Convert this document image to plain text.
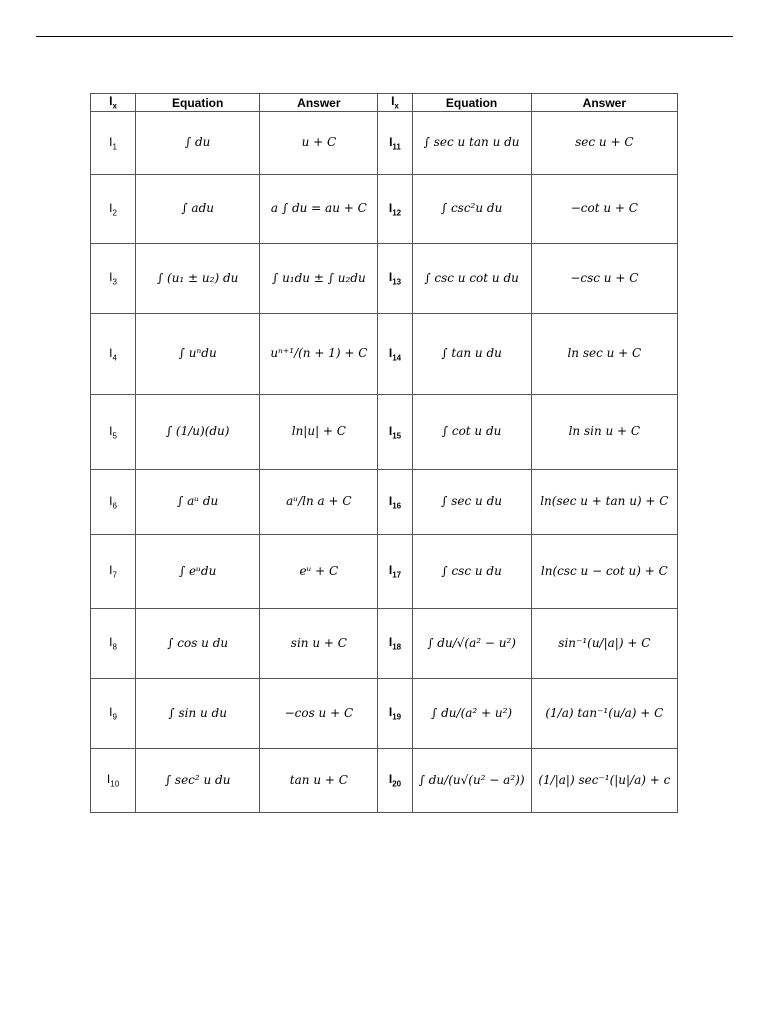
$I_x$	Equation	Answer	$I_x$	Equation	Answer
$I_1$	∫ du	u + C	$I_{11}$	∫ sec u tan u du	sec u + C
$I_2$	∫ adu	a ∫ du = au + C	$I_{12}$	∫ csc²u du	−cot u + C
$I_3$	∫ (u₁ ± u₂) du	∫ u₁du ± ∫ u₂du	$I_{13}$	∫ csc u cot u du	−csc u + C
$I_4$	∫ uⁿdu	uⁿ⁺¹/(n + 1) + C	$I_{14}$	∫ tan u du	ln sec u + C
$I_5$	∫ (1/u)(du)	ln|u| + C	$I_{15}$	∫ cot u du	ln sin u + C
$I_6$	∫ aᵘ du	aᵘ/ln a + C	$I_{16}$	∫ sec u du	ln(sec u + tan u) + C
$I_7$	∫ eᵘdu	eᵘ + C	$I_{17}$	∫ csc u du	ln(csc u − cot u) + C
$I_8$	∫ cos u du	sin u + C	$I_{18}$	∫ du/√(a² − u²)	sin⁻¹(u/|a|) + C
$I_9$	∫ sin u du	−cos u + C	$I_{19}$	∫ du/(a² + u²)	(1/a) tan⁻¹(u/a) + C
$I_{10}$	∫ sec² u du	tan u + C	$I_{20}$	∫ du/(u√(u² − a²))	(1/|a|) sec⁻¹(|u|/a) + c
